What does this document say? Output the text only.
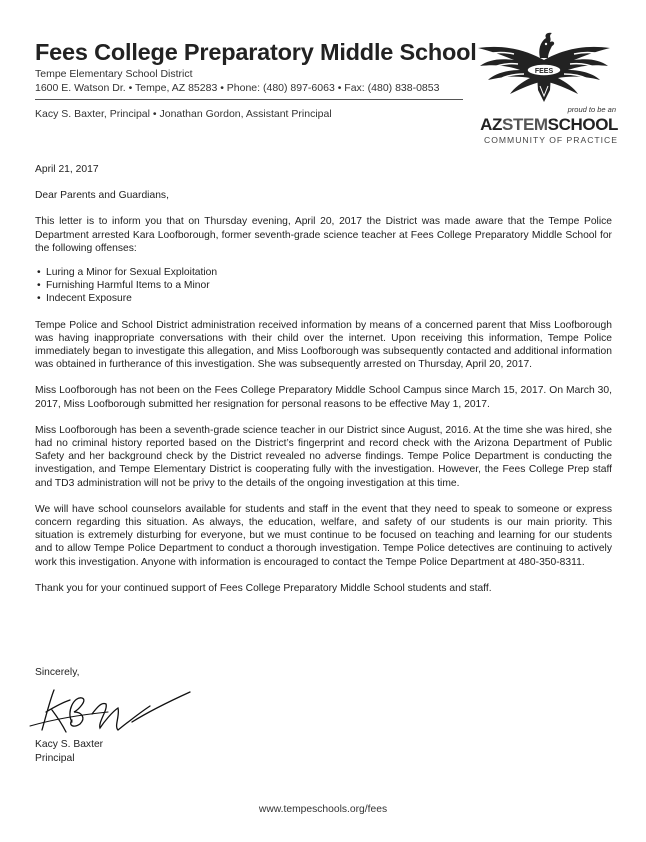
Fees College Preparatory Middle School
Tempe Elementary School District
1600 E. Watson Dr. • Tempe, AZ 85283 • Phone: (480) 897-6063 • Fax: (480) 838-0853
Kacy S. Baxter, Principal • Jonathan Gordon, Assistant Principal
FEES
proud to be an
AZSTEMSCHOOL
COMMUNITY OF PRACTICE

April 21, 2017

Dear Parents and Guardians,

This letter is to inform you that on Thursday evening, April 20, 2017 the District was made aware that the Tempe Police Department arrested Kara Loofborough, former seventh-grade science teacher at Fees College Preparatory Middle School for the following offenses:

• Luring a Minor for Sexual Exploitation
• Furnishing Harmful Items to a Minor
• Indecent Exposure

Tempe Police and School District administration received information by means of a concerned parent that Miss Loofborough was having inappropriate conversations with their child over the internet. Upon receiving this information, Tempe Police immediately began to investigate this allegation, and Miss Loofborough was subsequently contacted and additional information was obtained in furtherance of this investigation. She was subsequently arrested on Thursday, April 20, 2017.

Miss Loofborough has not been on the Fees College Preparatory Middle School Campus since March 15, 2017. On March 30, 2017, Miss Loofborough submitted her resignation for personal reasons to be effective May 1, 2017.

Miss Loofborough has been a seventh-grade science teacher in our District since August, 2016. At the time she was hired, she had no criminal history reported based on the District’s fingerprint and record check with the Arizona Department of Public Safety and her background check by the District revealed no adverse findings. Tempe Police Department is conducting the investigation, and Tempe Elementary District is cooperating fully with the investigation. However, the Fees College Prep staff and TD3 administration will not be privy to the details of the ongoing investigation at this time.

We will have school counselors available for students and staff in the event that they need to speak to someone or express concern regarding this situation. As always, the education, welfare, and safety of our students is our main priority. This situation is extremely disturbing for everyone, but we must continue to be focused on teaching and learning for our students and to allow Tempe Police Department to conduct a thorough investigation. Tempe Police detectives are continuing to actively work this investigation. Anyone with information is encouraged to contact the Tempe Police Department at 480-350-8311.

Thank you for your continued support of Fees College Preparatory Middle School students and staff.

Sincerely,
Kacy S. Baxter
Principal
www.tempeschools.org/fees
